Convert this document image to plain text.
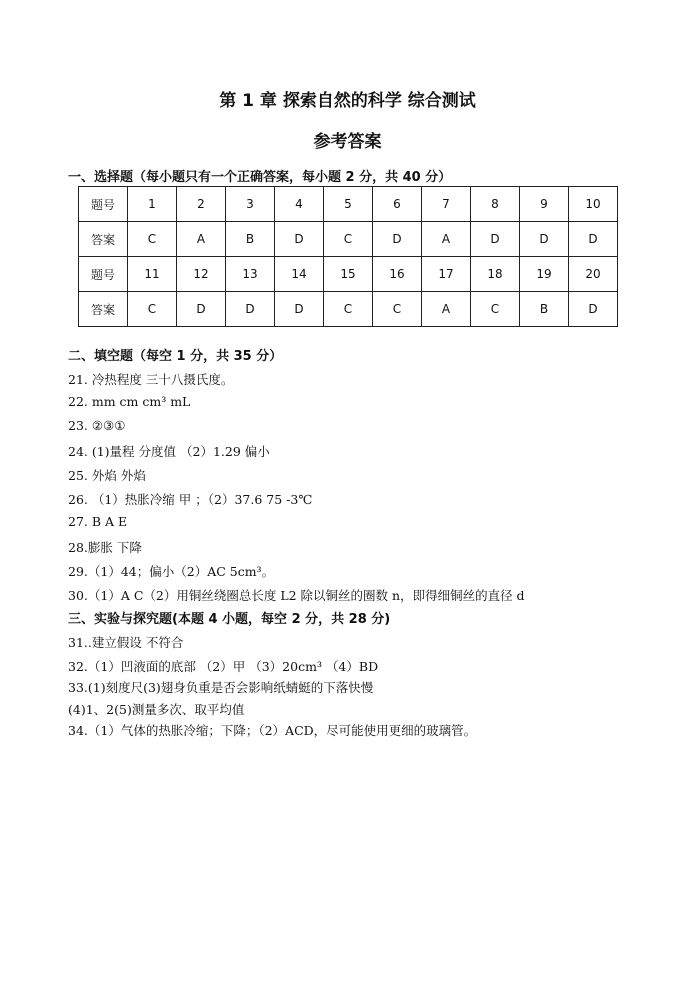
第 1 章 探索自然的科学 综合测试
参考答案
一、选择题（每小题只有一个正确答案，每小题 2 分，共 40 分）
题号	1	2	3	4	5	6	7	8	9	10
答案	C	A	B	D	C	D	A	D	D	D
题号	11	12	13	14	15	16	17	18	19	20
答案	C	D	D	D	C	C	A	C	B	D
二、填空题（每空 1 分，共 35 分）
21. 冷热程度 三十八摄氏度。
22. mm cm cm³ mL
23. ②③①
24. (1)量程 分度值 （2）1.29 偏小
25. 外焰 外焰
26. （1）热胀冷缩 甲 ；（2）37.6 75 -3℃
27. B A E
28.膨胀 下降
29.（1）44；偏小（2）AC 5cm³。
30.（1）A C（2）用铜丝绕圈总长度 L2 除以铜丝的圈数 n，即得细铜丝的直径 d
三、实验与探究题(本题 4 小题，每空 2 分，共 28 分)
31..建立假设 不符合
32.（1）凹液面的底部 （2）甲 （3）20cm³ （4）BD
33.(1)刻度尺(3)翅身负重是否会影响纸蜻蜓的下落快慢
(4)1、2(5)测量多次、取平均值
34.（1）气体的热胀冷缩；下降；（2）ACD，尽可能使用更细的玻璃管。
